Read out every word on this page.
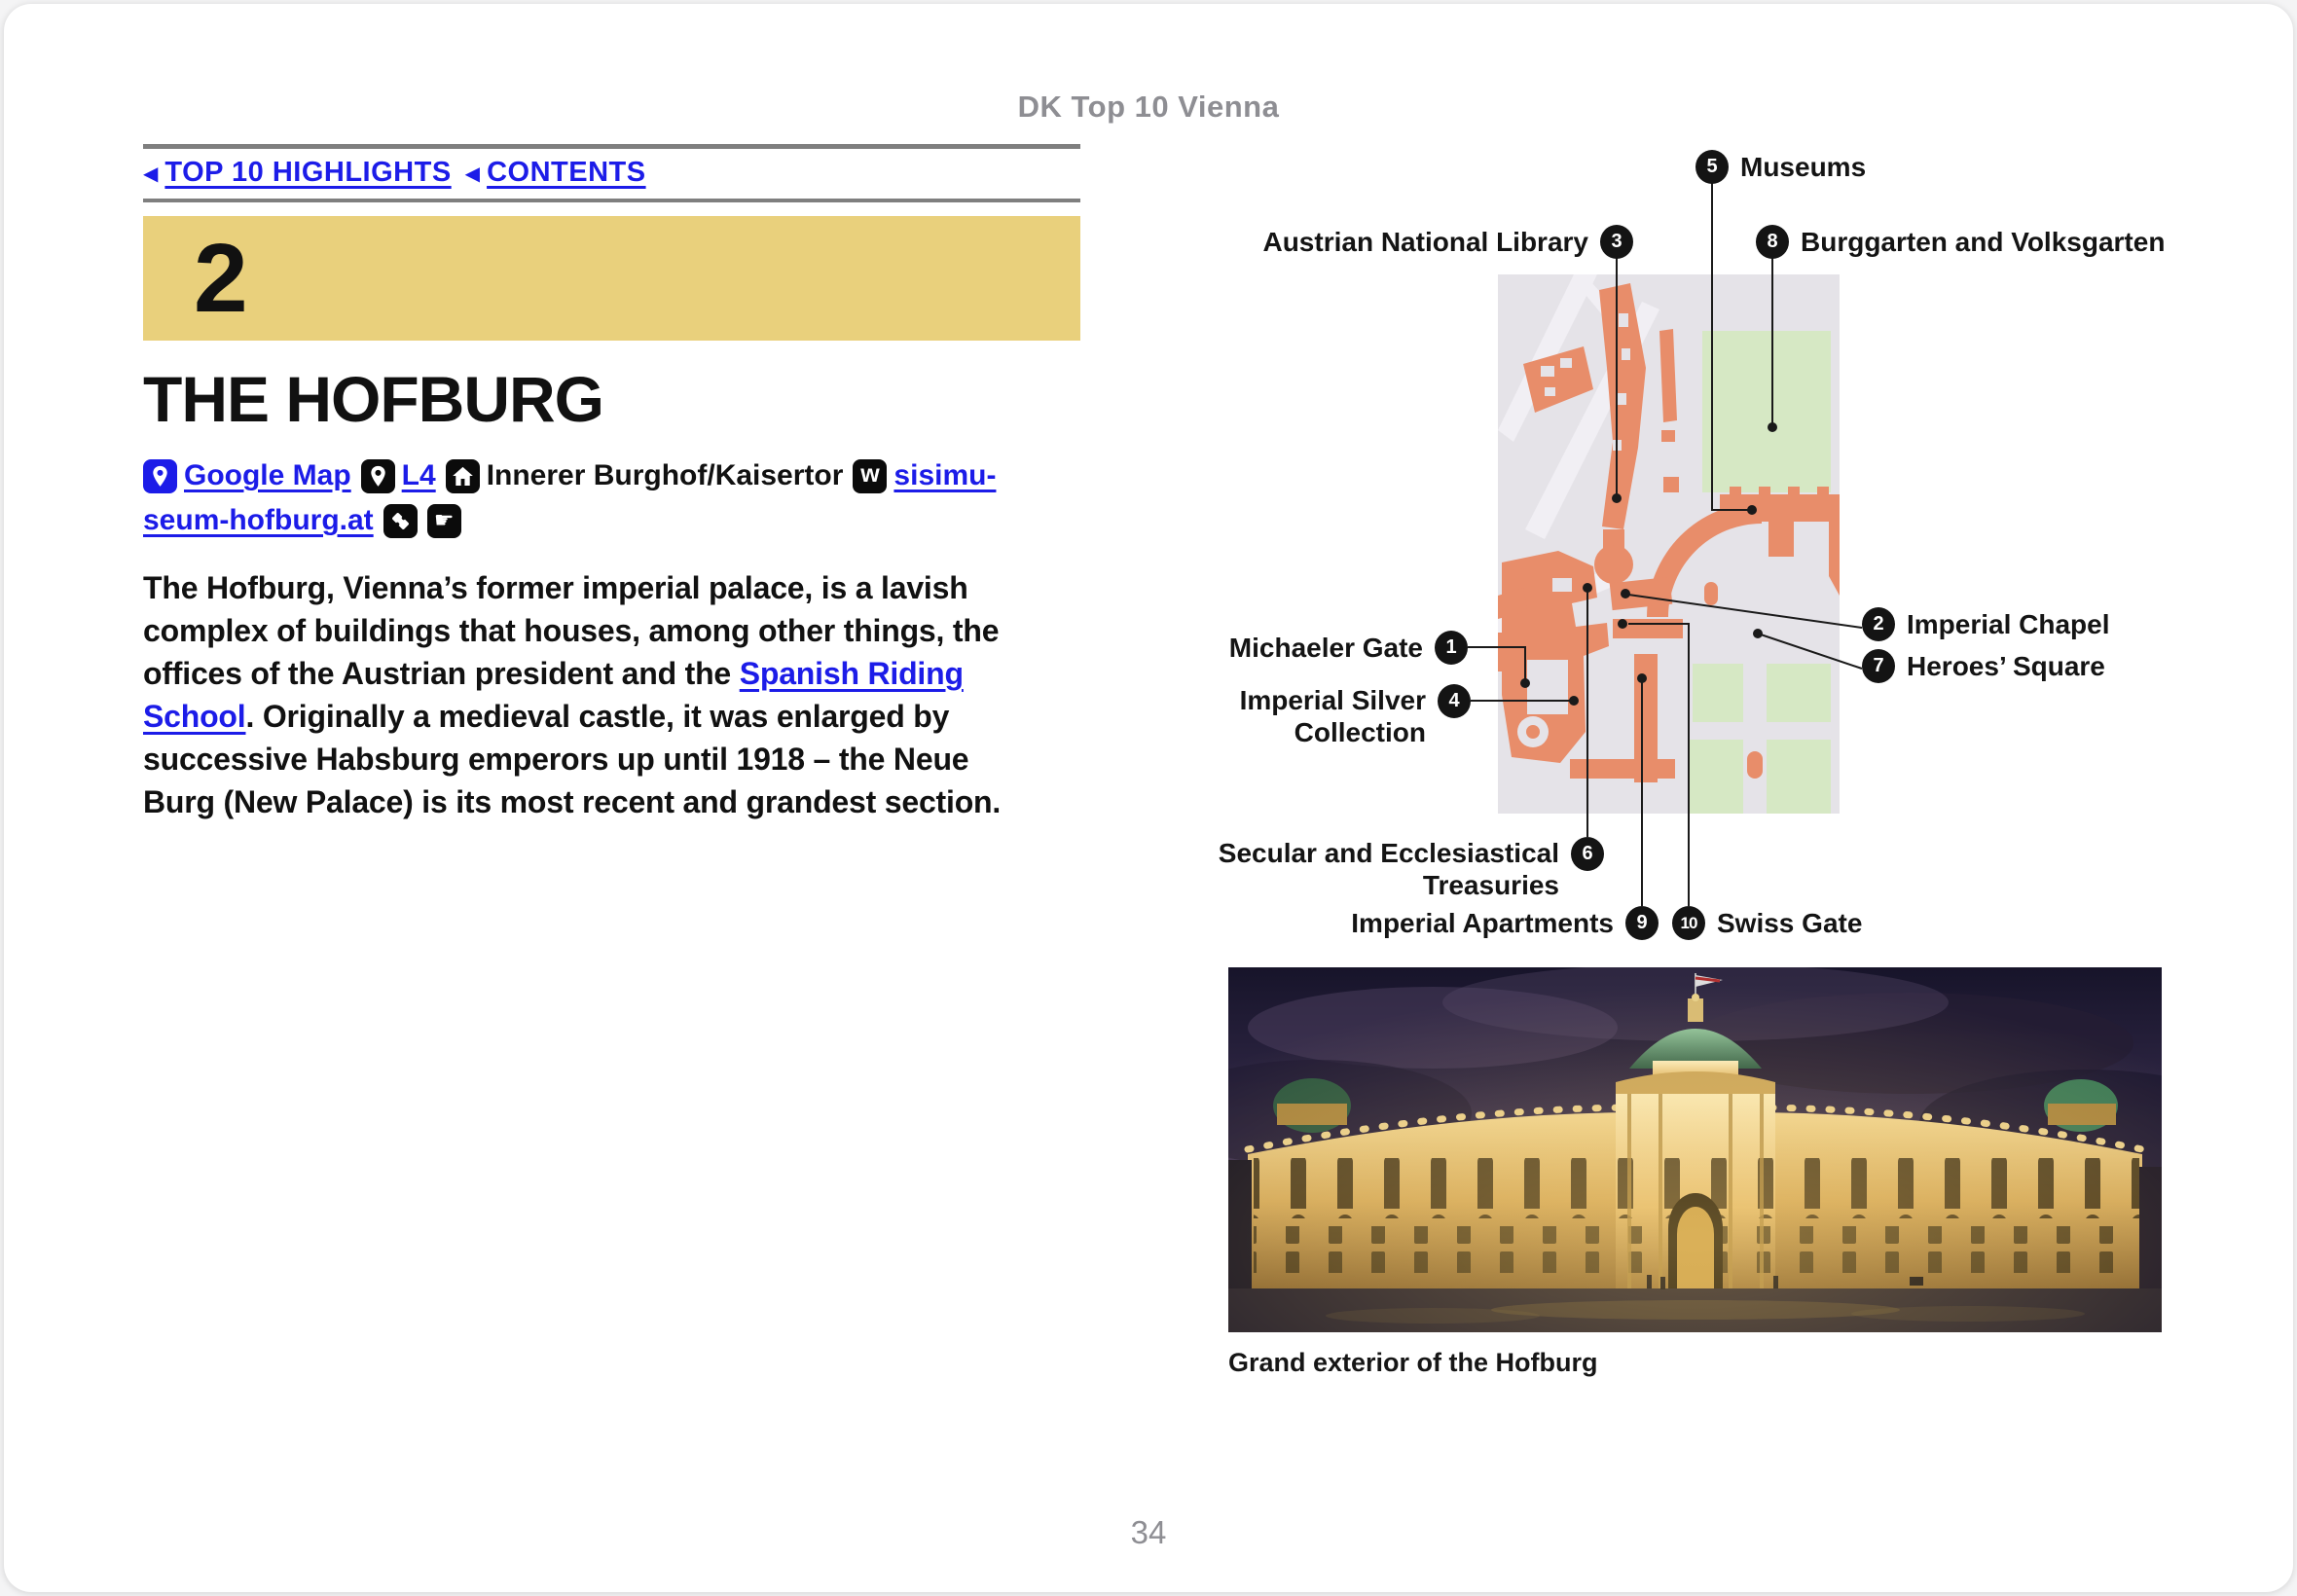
DK Top 10 Vienna
◀ TOP 10 HIGHLIGHTS ◀ CONTENTS
2
THE HOFBURG
Google Map L4 Innerer Burghof/Kaisertor w sisimu-
seum-hofburg.at	☛
The Hofburg, Vienna’s former imperial palace, is a lavish complex of buildings that houses, among other things, the offices of the Austrian president and the Spanish Riding School. Originally a medieval castle, it was enlarged by successive Habsburg emperors up until 1918 – the Neue Burg (New Palace) is its most recent and grandest section.
5 Museums
8 Burggarten and Volksgarten
2 Imperial Chapel
7 Heroes’ Square
10 Swiss Gate
Austrian National Library	3
Michaeler Gate	1
Imperial Silver
Collection
4
Secular and Ecclesiastical
Treasuries
6
Imperial Apartments	9
Grand exterior of the Hofburg
34
